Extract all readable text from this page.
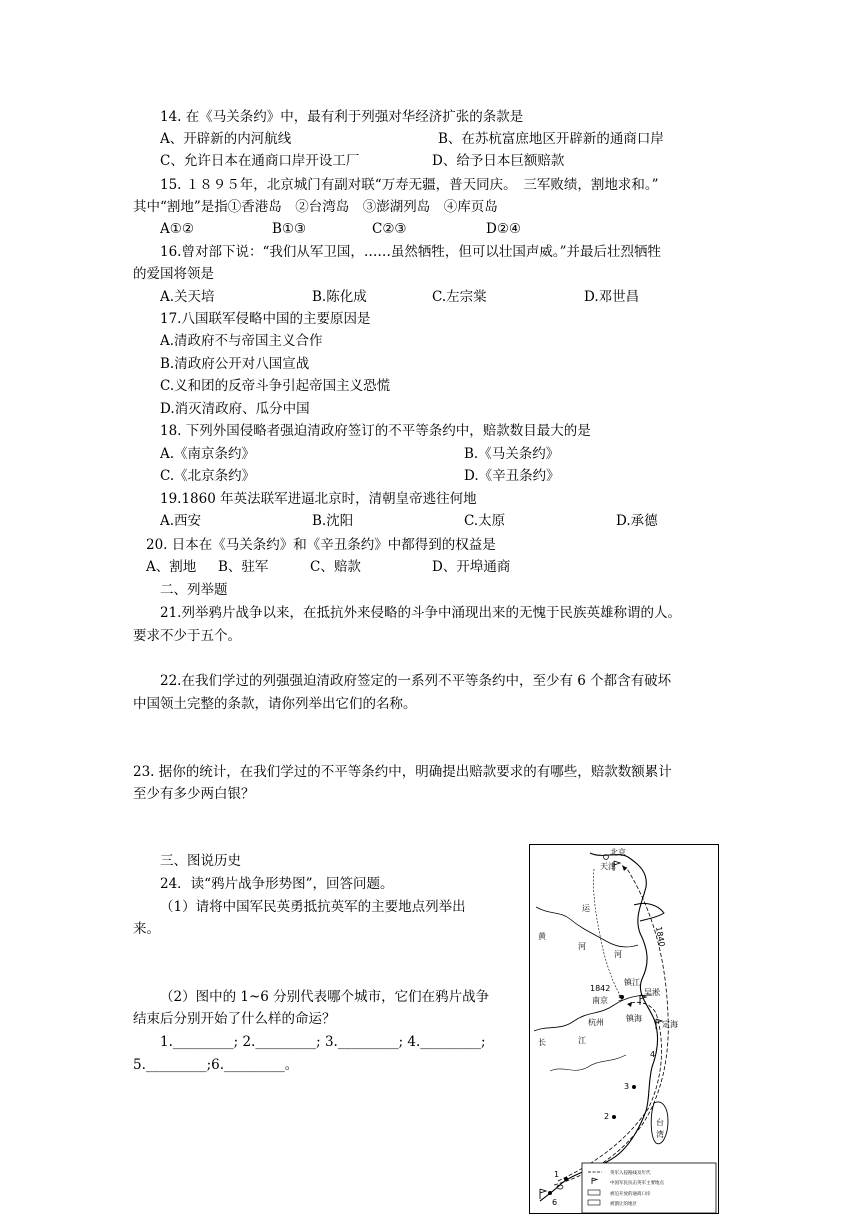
14. 在《马关条约》中，最有利于列强对华经济扩张的条款是
A、开辟新的内河航线	B、在苏杭富庶地区开辟新的通商口岸
C、允许日本在通商口岸开设工厂	D、给予日本巨额赔款
15. １８９５年，北京城门有副对联“万寿无疆，普天同庆。　三军败绩，割地求和。”
其中“割地”是指①香港岛　②台湾岛　③澎湖列岛　④库页岛
A①②	B①③	C②③	D②④
16.曾对部下说：“我们从军卫国，……虽然牺牲，但可以壮国声威。”并最后壮烈牺牲
的爱国将领是
A.关天培	B.陈化成	C.左宗棠	D.邓世昌
17.八国联军侵略中国的主要原因是
A.清政府不与帝国主义合作
B.清政府公开对八国宣战
C.义和团的反帝斗争引起帝国主义恐慌
D.消灭清政府、瓜分中国
18. 下列外国侵略者强迫清政府签订的不平等条约中，赔款数目最大的是
A.《南京条约》	B.《马关条约》
C.《北京条约》	D.《辛丑条约》
19.1860 年英法联军进逼北京时，清朝皇帝逃往何地
A.西安	B.沈阳	C.太原	D.承德
20. 日本在《马关条约》和《辛丑条约》中都得到的权益是
A、割地 B、驻军	C、赔款	D、开埠通商
二、列举题
21.列举鸦片战争以来，在抵抗外来侵略的斗争中涌现出来的无愧于民族英雄称谓的人。
要求不少于五个。
22.在我们学过的列强强迫清政府签定的一系列不平等条约中，至少有 6 个都含有破坏
中国领土完整的条款，请你列举出它们的名称。
23. 据你的统计，在我们学过的不平等条约中，明确提出赔款要求的有哪些，赔款数额累计
至少有多少两白银？
三、图说历史
24．读“鸦片战争形势图”，回答问题。
（1）请将中国军民英勇抵抗英军的主要地点列举出
来。
（2）图中的 1~6 分别代表哪个城市，它们在鸦片战争
结束后分别开始了什么样的命运？
1._________; 2._________; 3._________; 4._________;
5._________;6._________。
北京
天津
运
黄
河
河
1840
1842
南京
镇江
吴淞
杭州	镇海
定海
长	江
4
3
2
5
1
6
台
湾
英军入侵路线及年代
中国军民抗击英军主要地点
被迫开放的通商口岸
被割让的地区
